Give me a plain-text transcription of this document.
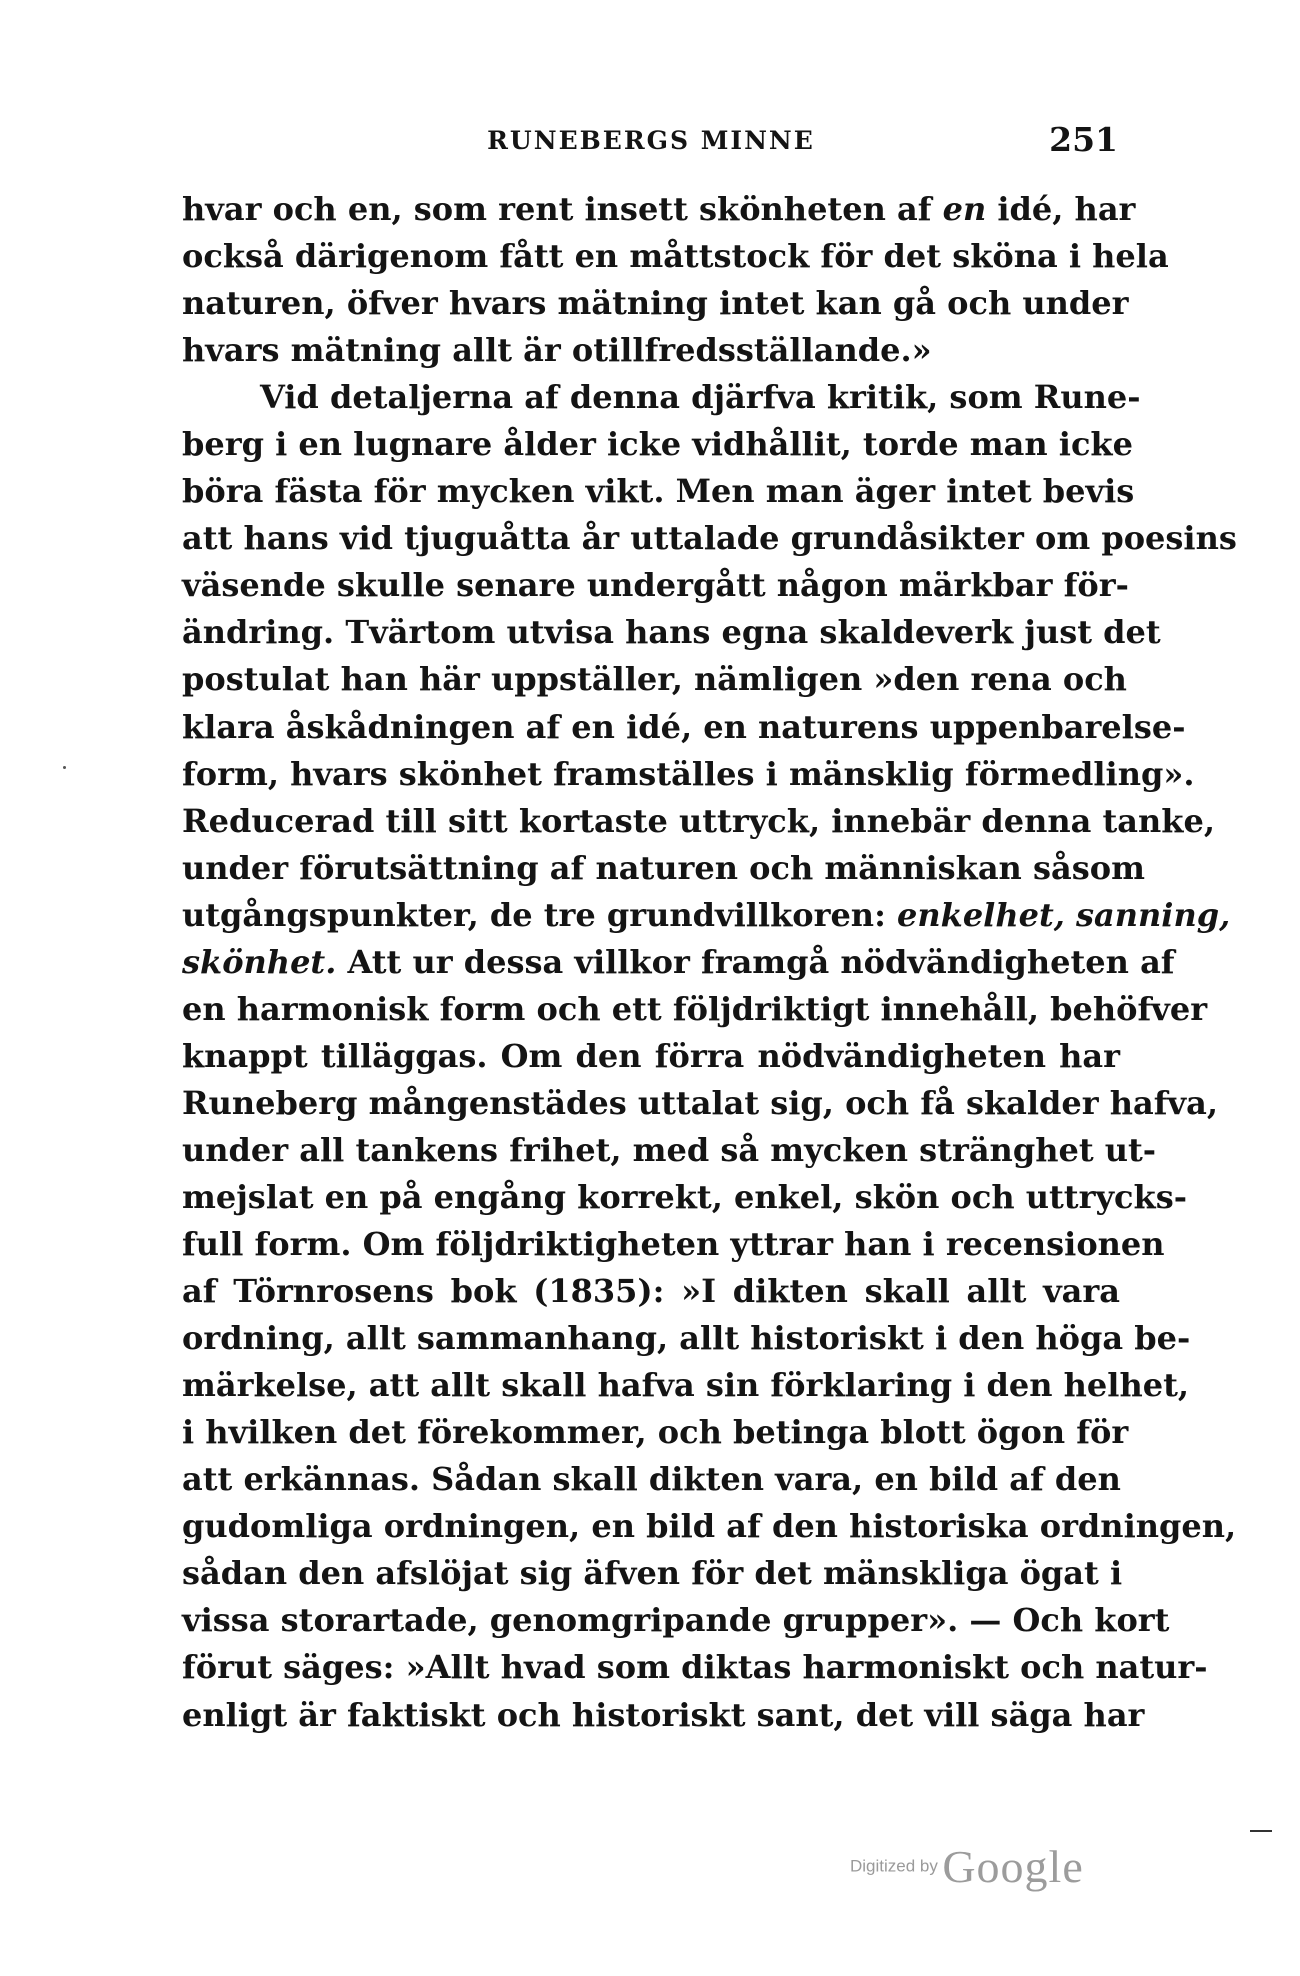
RUNEBERGS MINNE	251
hvar och en, som rent insett skönheten af en idé, har
också därigenom fått en måttstock för det sköna i hela
naturen, öfver hvars mätning intet kan gå och under
hvars mätning allt är otillfredsställande.»
Vid detaljerna af denna djärfva kritik, som Rune-
berg i en lugnare ålder icke vidhållit, torde man icke
böra fästa för mycken vikt. Men man äger intet bevis
att hans vid tjuguåtta år uttalade grundåsikter om poesins
väsende skulle senare undergått någon märkbar för-
ändring. Tvärtom utvisa hans egna skaldeverk just det
postulat han här uppställer, nämligen »den rena och
klara åskådningen af en idé, en naturens uppenbarelse-
form, hvars skönhet framställes i mänsklig förmedling».
Reducerad till sitt kortaste uttryck, innebär denna tanke,
under förutsättning af naturen och människan såsom
utgångspunkter, de tre grundvillkoren: enkelhet, sanning,
skönhet. Att ur dessa villkor framgå nödvändigheten af
en harmonisk form och ett följdriktigt innehåll, behöfver
knappt tilläggas. Om den förra nödvändigheten har
Runeberg mångenstädes uttalat sig, och få skalder hafva,
under all tankens frihet, med så mycken stränghet ut-
mejslat en på engång korrekt, enkel, skön och uttrycks-
full form. Om följdriktigheten yttrar han i recensionen
af Törnrosens bok (1835): »I dikten skall allt vara
ordning, allt sammanhang, allt historiskt i den höga be-
märkelse, att allt skall hafva sin förklaring i den helhet,
i hvilken det förekommer, och betinga blott ögon för
att erkännas. Sådan skall dikten vara, en bild af den
gudomliga ordningen, en bild af den historiska ordningen,
sådan den afslöjat sig äfven för det mänskliga ögat i
vissa storartade, genomgripande grupper». — Och kort
förut säges: »Allt hvad som diktas harmoniskt och natur-
enligt är faktiskt och historiskt sant, det vill säga har
Digitized by Google
